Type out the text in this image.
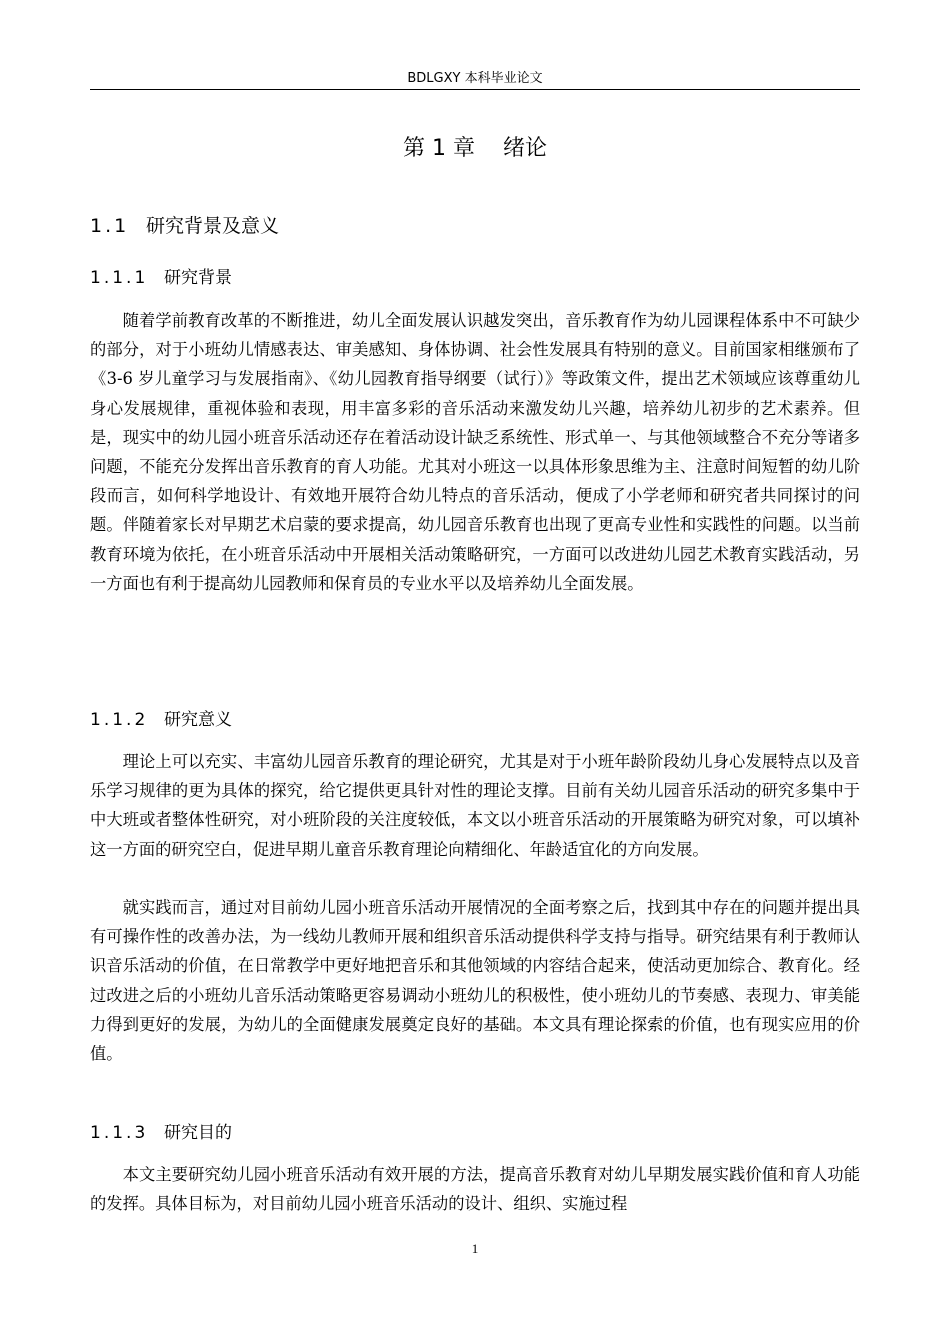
BDLGXY 本科毕业论文
第 1 章 绪论
1.1 研究背景及意义
1.1.1 研究背景

随着学前教育改革的不断推进，幼儿全面发展认识越发突出，音乐教育作为幼儿园课程体系中不可缺少的部分，对于小班幼儿情感表达、审美感知、身体协调、社会性发展具有特别的意义。目前国家相继颁布了《3-6 岁儿童学习与发展指南》、《幼儿园教育指导纲要（试行）》等政策文件，提出艺术领域应该尊重幼儿身心发展规律，重视体验和表现，用丰富多彩的音乐活动来激发幼儿兴趣，培养幼儿初步的艺术素养。但是，现实中的幼儿园小班音乐活动还存在着活动设计缺乏系统性、形式单一、与其他领域整合不充分等诸多问题，不能充分发挥出音乐教育的育人功能。尤其对小班这一以具体形象思维为主、注意时间短暂的幼儿阶段而言，如何科学地设计、有效地开展符合幼儿特点的音乐活动，便成了小学老师和研究者共同探讨的问题。伴随着家长对早期艺术启蒙的要求提高，幼儿园音乐教育也出现了更高专业性和实践性的问题。以当前教育环境为依托，在小班音乐活动中开展相关活动策略研究，一方面可以改进幼儿园艺术教育实践活动，另一方面也有利于提高幼儿园教师和保育员的专业水平以及培养幼儿全面发展。

1.1.2 研究意义

理论上可以充实、丰富幼儿园音乐教育的理论研究，尤其是对于小班年龄阶段幼儿身心发展特点以及音乐学习规律的更为具体的探究，给它提供更具针对性的理论支撑。目前有关幼儿园音乐活动的研究多集中于中大班或者整体性研究，对小班阶段的关注度较低，本文以小班音乐活动的开展策略为研究对象，可以填补这一方面的研究空白，促进早期儿童音乐教育理论向精细化、年龄适宜化的方向发展。

就实践而言，通过对目前幼儿园小班音乐活动开展情况的全面考察之后，找到其中存在的问题并提出具有可操作性的改善办法，为一线幼儿教师开展和组织音乐活动提供科学支持与指导。研究结果有利于教师认识音乐活动的价值，在日常教学中更好地把音乐和其他领域的内容结合起来，使活动更加综合、教育化。经过改进之后的小班幼儿音乐活动策略更容易调动小班幼儿的积极性，使小班幼儿的节奏感、表现力、审美能力得到更好的发展，为幼儿的全面健康发展奠定良好的基础。本文具有理论探索的价值，也有现实应用的价值。

1.1.3 研究目的

本文主要研究幼儿园小班音乐活动有效开展的方法，提高音乐教育对幼儿早期发展实践价值和育人功能的发挥。具体目标为，对目前幼儿园小班音乐活动的设计、组织、实施过程

1
